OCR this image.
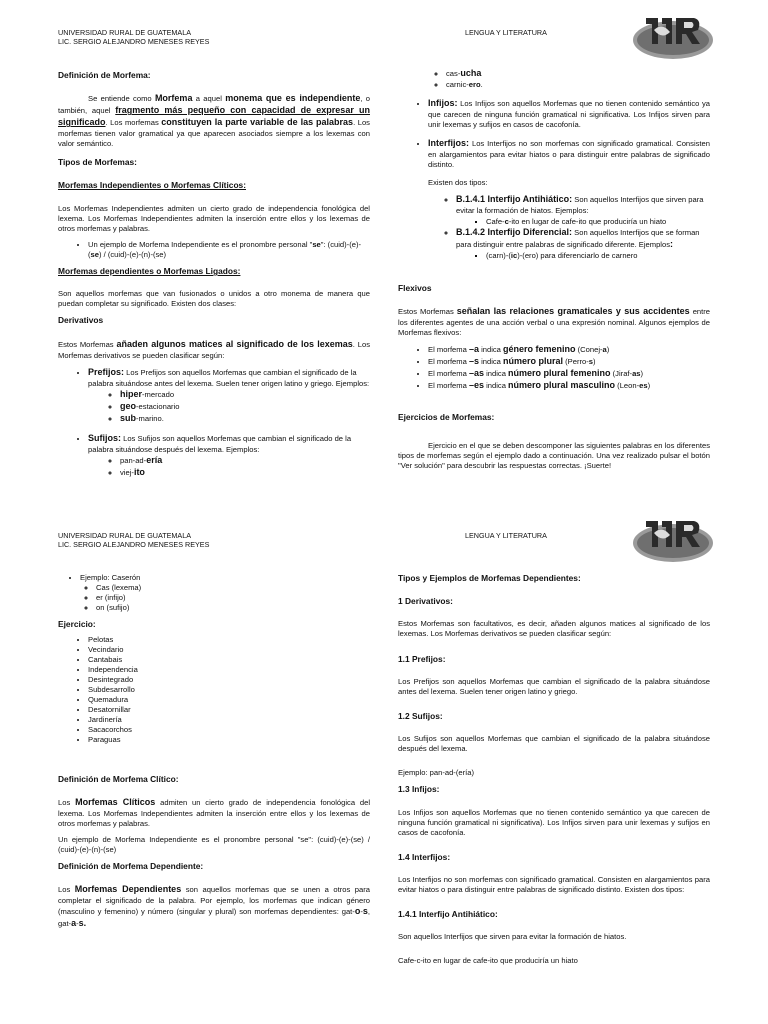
UNIVERSIDAD RURAL DE GUATEMALA
LIC. SERGIO ALEJANDRO MENESES REYES
LENGUA Y LITERATURA
Definición de Morfema:

Se entiende como Morfema a aquel monema que es independiente, o también, aquel fragmento más pequeño con capacidad de expresar un significado. Los morfemas constituyen la parte variable de las palabras. Los morfemas tienen valor gramatical ya que aparecen asociados siempre a los lexemas con valor semántico.

Tipos de Morfemas:
Morfemas Independientes o Morfemas Clíticos:

Los Morfemas Independientes admiten un cierto grado de independencia fonológica del lexema. Los Morfemas Independientes admiten la inserción entre ellos y los lexemas de otros morfemas y palabras.

• Un ejemplo de Morfema Independiente es el pronombre personal "se": (cuid)-(e)-(se) / (cuid)-(e)-(n)-(se)
Morfemas dependientes o Morfemas Ligados:

Son aquellos morfemas que van fusionados o unidos a otro monema de manera que puedan completar su significado. Existen dos clases:

Derivativos

Estos Morfemas añaden algunos matices al significado de los lexemas. Los Morfemas derivativos se pueden clasificar según:

• Prefijos: Los Prefijos son aquellos Morfemas que cambian el significado de la palabra situándose antes del lexema. Suelen tener origen latino y griego. Ejemplos:
◦ hiper-mercado
◦ geo-estacionario
◦ sub-marino.
• Sufijos: Los Sufijos son aquellos Morfemas que cambian el significado de la palabra situándose después del lexema. Ejemplos:
◦ pan-ad-ería
◦ viej-ito
◦ cas-ucha
◦ carnic-ero.
• Infijos: Los Infijos son aquellos Morfemas que no tienen contenido semántico ya que carecen de ninguna función gramatical ni significativa. Los Infijos sirven para unir lexemas y sufijos en casos de cacofonía.
• Interfijos: Los Interfijos no son morfemas con significado gramatical. Consisten en alargamientos para evitar hiatos o para distinguir entre palabras de significado distinto.

Existen dos tipos:

◦ B.1.4.1 Interfijo Antihiático: Son aquellos Interfijos que sirven para evitar la formación de hiatos. Ejemplos:
▪ Cafe-c-ito en lugar de cafe-ito que produciría un hiato
◦ B.1.4.2 Interfijo Diferencial: Son aquellos Interfijos que se forman para distinguir entre palabras de significado diferente. Ejemplos:
▪ (carn)-(ic)-(ero) para diferenciarlo de carnero
Flexivos

Estos Morfemas señalan las relaciones gramaticales y sus accidentes entre los diferentes agentes de una acción verbal o una expresión nominal. Algunos ejemplos de Morfemas flexivos:

• El morfema –a indica género femenino (Conej-a)
• El morfema –s indica número plural (Perro-s)
• El morfema –as indica número plural femenino (Jiraf-as)
• El morfema –es indica número plural masculino (Leon-es)
Ejercicios de Morfemas:

Ejercicio en el que se deben descomponer las siguientes palabras en los diferentes tipos de morfemas según el ejemplo dado a continuación. Una vez realizado pulsar el botón "Ver solución" para descubrir las respuestas correctas. ¡Suerte!

UNIVERSIDAD RURAL DE GUATEMALA
LIC. SERGIO ALEJANDRO MENESES REYES
LENGUA Y LITERATURA
• Ejemplo: Caserón
◦ Cas (lexema)
◦ er (infijo)
◦ on (sufijo)
Ejercicio:
• Pelotas
• Vecindario
• Cantabais
• Independencia
• Desintegrado
• Subdesarrollo
• Quemadura
• Desatornillar
• Jardinería
• Sacacorchos
• Paraguas
Definición de Morfema Clítico:

Los Morfemas Clíticos admiten un cierto grado de independencia fonológica del lexema. Los Morfemas Independientes admiten la inserción entre ellos y los lexemas de otros morfemas y palabras.

Un ejemplo de Morfema Independiente es el pronombre personal "se": (cuid)-(e)-(se) / (cuid)-(e)-(n)-(se)

Definición de Morfema Dependiente:

Los Morfemas Dependientes son aquellos morfemas que se unen a otros para completar el significado de la palabra. Por ejemplo, los morfemas que indican género (masculino y femenino) y número (singular y plural) son morfemas dependientes: gat-o-s, gat-a-s.

Tipos y Ejemplos de Morfemas Dependientes:
1 Derivativos:

Estos Morfemas son facultativos, es decir, añaden algunos matices al significado de los lexemas. Los Morfemas derivativos se pueden clasificar según:

1.1 Prefijos:

Los Prefijos son aquellos Morfemas que cambian el significado de la palabra situándose antes del lexema. Suelen tener origen latino y griego.

1.2 Sufijos:

Los Sufijos son aquellos Morfemas que cambian el significado de la palabra situándose después del lexema.

Ejemplo: pan-ad-(ería)

1.3 Infijos:

Los Infijos son aquellos Morfemas que no tienen contenido semántico ya que carecen de ninguna función gramatical ni significativa). Los Infijos sirven para unir lexemas y sufijos en casos de cacofonía.

1.4 Interfijos:

Los Interfijos no son morfemas con significado gramatical. Consisten en alargamientos para evitar hiatos o para distinguir entre palabras de significado distinto. Existen dos tipos:

1.4.1 Interfijo Antihiático:

Son aquellos Interfijos que sirven para evitar la formación de hiatos.

Cafe-c-ito en lugar de cafe-ito que produciría un hiato
